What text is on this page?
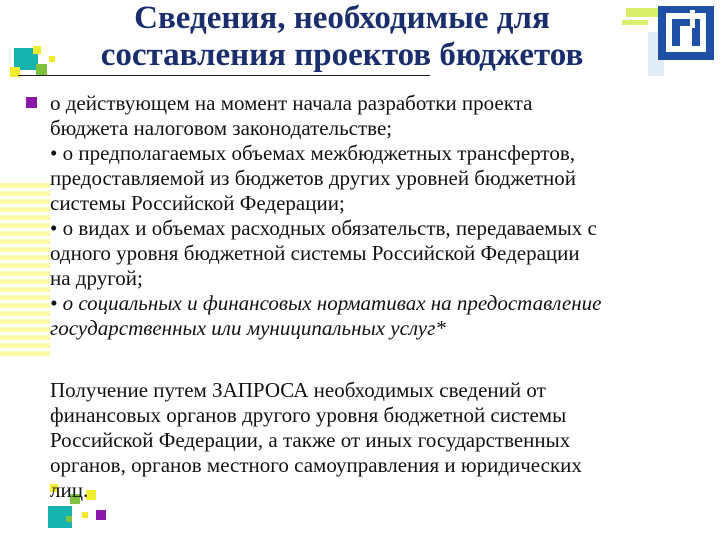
Сведения, необходимые для
составления проектов бюджетов

о действующем на момент начала разработки проекта

бюджета налоговом законодательстве;

• о предполагаемых объемах межбюджетных трансфертов,

предоставляемой из бюджетов других уровней бюджетной

системы Российской Федерации;

• о видах и объемах расходных обязательств, передаваемых с

одного уровня бюджетной системы Российской Федерации

на другой;

• о социальных и финансовых нормативах на предоставление

государственных или муниципальных услуг*

Получение путем ЗАПРОСА необходимых сведений от

финансовых органов другого уровня бюджетной системы

Российской Федерации, а также от иных государственных

органов, органов местного самоуправления и юридических

лиц.
